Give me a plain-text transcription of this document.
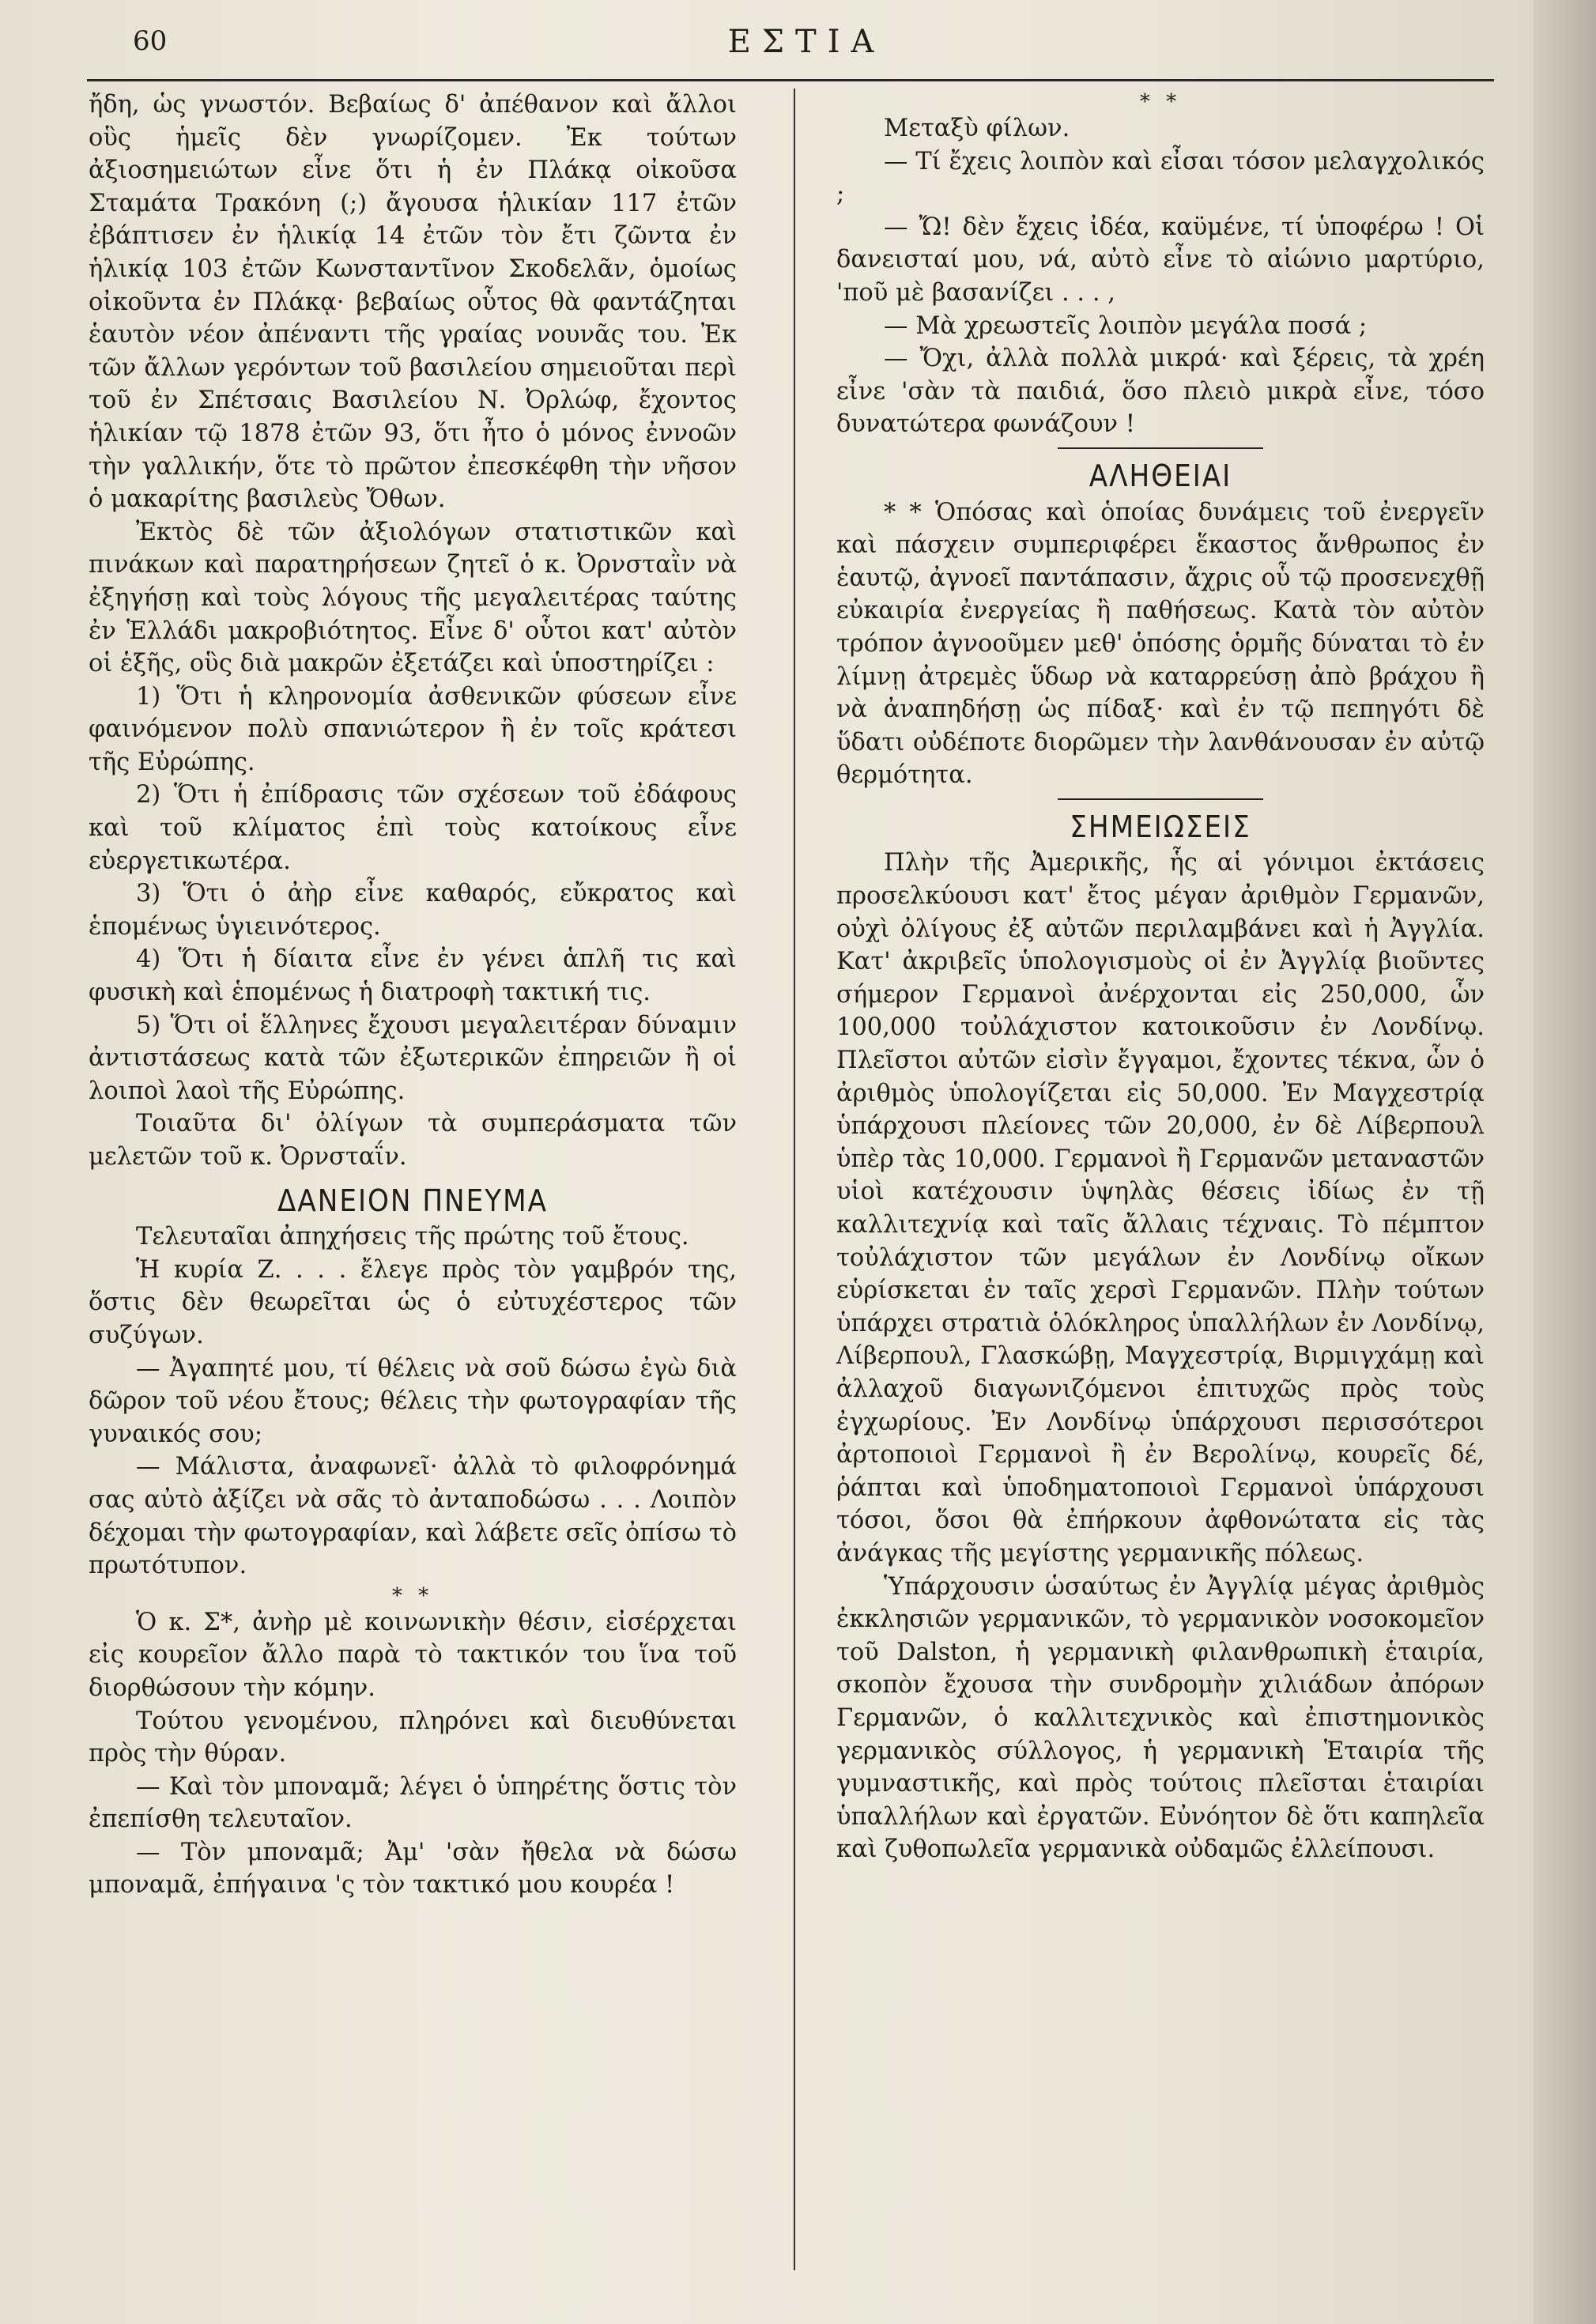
60	ΕΣΤΙΑ

ἤδη, ὡς γνωστόν. Βεβαίως δ' ἀπέθανον καὶ ἄλλοι οὓς ἡμεῖς δὲν γνωρίζομεν. Ἐκ τούτων ἀξιοσημειώτων εἶνε ὅτι ἡ ἐν Πλάκᾳ οἰκοῦσα Σταμάτα Τρακόνη (;) ἄγουσα ἡλικίαν 117 ἐτῶν ἐβάπτισεν ἐν ἡλικίᾳ 14 ἐτῶν τὸν ἔτι ζῶντα ἐν ἡλικίᾳ 103 ἐτῶν Κωνσταντῖνον Σκοδελᾶν, ὁμοίως οἰκοῦντα ἐν Πλάκᾳ· βεβαίως οὗτος θὰ φαντάζηται ἑαυτὸν νέον ἀπέναντι τῆς γραίας νουνᾶς του. Ἐκ τῶν ἄλλων γερόντων τοῦ βασιλείου σημειοῦται περὶ τοῦ ἐν Σπέτσαις Βασιλείου Ν. Ὀρλώφ, ἔχοντος ἡλικίαν τῷ 1878 ἐτῶν 93, ὅτι ἦτο ὁ μόνος ἐννοῶν τὴν γαλλικήν, ὅτε τὸ πρῶτον ἐπεσκέφθη τὴν νῆσον ὁ μακαρίτης βασιλεὺς Ὄθων.

Ἐκτὸς δὲ τῶν ἀξιολόγων στατιστικῶν καὶ πινάκων καὶ παρατηρήσεων ζητεῖ ὁ κ. Ὀρνσταῒν νὰ ἐξηγήσῃ καὶ τοὺς λόγους τῆς μεγαλειτέρας ταύτης ἐν Ἑλλάδι μακροβιότητος. Εἶνε δ' οὗτοι κατ' αὐτὸν οἱ ἑξῆς, οὓς διὰ μακρῶν ἐξετάζει καὶ ὑποστηρίζει :

1) Ὅτι ἡ κληρονομία ἀσθενικῶν φύσεων εἶνε φαινόμενον πολὺ σπανιώτερον ἢ ἐν τοῖς κράτεσι τῆς Εὐρώπης.

2) Ὅτι ἡ ἐπίδρασις τῶν σχέσεων τοῦ ἐδάφους καὶ τοῦ κλίματος ἐπὶ τοὺς κατοίκους εἶνε εὐεργετικωτέρα.

3) Ὅτι ὁ ἀὴρ εἶνε καθαρός, εὔκρατος καὶ ἑπομένως ὑγιεινότερος.

4) Ὅτι ἡ δίαιτα εἶνε ἐν γένει ἁπλῆ τις καὶ φυσικὴ καὶ ἑπομένως ἡ διατροφὴ τακτική τις.

5) Ὅτι οἱ ἕλληνες ἔχουσι μεγαλειτέραν δύναμιν ἀντιστάσεως κατὰ τῶν ἐξωτερικῶν ἐπηρειῶν ἢ οἱ λοιποὶ λαοὶ τῆς Εὐρώπης.

Τοιαῦτα δι' ὀλίγων τὰ συμπεράσματα τῶν μελετῶν τοῦ κ. Ὀρνσταΐν.

ΔΑΝΕΙΟΝ ΠΝΕΥΜΑ

Τελευταῖαι ἀπηχήσεις τῆς πρώτης τοῦ ἔτους.

Ἡ κυρία Ζ. . . . ἔλεγε πρὸς τὸν γαμβρόν της, ὅστις δὲν θεωρεῖται ὡς ὁ εὐτυχέστερος τῶν συζύγων.

— Ἀγαπητέ μου, τί θέλεις νὰ σοῦ δώσω ἐγὼ διὰ δῶρον τοῦ νέου ἔτους; θέλεις τὴν φωτογραφίαν τῆς γυναικός σου;

— Μάλιστα, ἀναφωνεῖ· ἀλλὰ τὸ φιλοφρόνημά σας αὐτὸ ἀξίζει νὰ σᾶς τὸ ἀνταποδώσω . . . Λοιπὸν δέχομαι τὴν φωτογραφίαν, καὶ λάβετε σεῖς ὀπίσω τὸ πρωτότυπον.

* *

Ὁ κ. Σ*, ἀνὴρ μὲ κοινωνικὴν θέσιν, εἰσέρχεται εἰς κουρεῖον ἄλλο παρὰ τὸ τακτικόν του ἵνα τοῦ διορθώσουν τὴν κόμην.

Τούτου γενομένου, πληρόνει καὶ διευθύνεται πρὸς τὴν θύραν.

— Καὶ τὸν μποναμᾶ; λέγει ὁ ὑπηρέτης ὅστις τὸν ἐπεπίσθη τελευταῖον.

— Τὸν μποναμᾶ; Ἀμ' 'σὰν ἤθελα νὰ δώσω μποναμᾶ, ἐπήγαινα 'ς τὸν τακτικό μου κουρέα !

* *

Μεταξὺ φίλων.

— Τί ἔχεις λοιπὸν καὶ εἶσαι τόσον μελαγχολικός ;

— Ὤ! δὲν ἔχεις ἰδέα, καϋμένε, τί ὑποφέρω ! Οἱ δανεισταί μου, νά, αὐτὸ εἶνε τὸ αἰώνιο μαρτύριο, 'ποῦ μὲ βασανίζει . . . ,

— Μὰ χρεωστεῖς λοιπὸν μεγάλα ποσά ;

— Ὄχι, ἀλλὰ πολλὰ μικρά· καὶ ξέρεις, τὰ χρέη εἶνε 'σὰν τὰ παιδιά, ὅσο πλειὸ μικρὰ εἶνε, τόσο δυνατώτερα φωνάζουν !

ΑΛΗΘΕΙΑΙ

* * Ὁπόσας καὶ ὁποίας δυνάμεις τοῦ ἐνεργεῖν καὶ πάσχειν συμπεριφέρει ἕκαστος ἄνθρωπος ἐν ἑαυτῷ, ἀγνοεῖ παντάπασιν, ἄχρις οὗ τῷ προσενεχθῇ εὐκαιρία ἐνεργείας ἢ παθήσεως. Κατὰ τὸν αὐτὸν τρόπον ἀγνοοῦμεν μεθ' ὁπόσης ὁρμῆς δύναται τὸ ἐν λίμνῃ ἀτρεμὲς ὕδωρ νὰ καταρρεύσῃ ἀπὸ βράχου ἢ νὰ ἀναπηδήσῃ ὡς πίδαξ· καὶ ἐν τῷ πεπηγότι δὲ ὕδατι οὐδέποτε διορῶμεν τὴν λανθάνουσαν ἐν αὐτῷ θερμότητα.

ΣΗΜΕΙΩΣΕΙΣ

Πλὴν τῆς Ἀμερικῆς, ἧς αἱ γόνιμοι ἐκτάσεις προσελκύουσι κατ' ἔτος μέγαν ἀριθμὸν Γερμανῶν, οὐχὶ ὀλίγους ἐξ αὐτῶν περιλαμβάνει καὶ ἡ Ἀγγλία. Κατ' ἀκριβεῖς ὑπολογισμοὺς οἱ ἐν Ἀγγλίᾳ βιοῦντες σήμερον Γερμανοὶ ἀνέρχονται εἰς 250,000, ὧν 100,000 τοὐλάχιστον κατοικοῦσιν ἐν Λονδίνῳ. Πλεῖστοι αὐτῶν εἰσὶν ἔγγαμοι, ἔχοντες τέκνα, ὧν ὁ ἀριθμὸς ὑπολογίζεται εἰς 50,000. Ἐν Μαγχεστρίᾳ ὑπάρχουσι πλείονες τῶν 20,000, ἐν δὲ Λίβερπουλ ὑπὲρ τὰς 10,000. Γερμανοὶ ἢ Γερμανῶν μεταναστῶν υἱοὶ κατέχουσιν ὑψηλὰς θέσεις ἰδίως ἐν τῇ καλλιτεχνίᾳ καὶ ταῖς ἄλλαις τέχναις. Τὸ πέμπτον τοὐλάχιστον τῶν μεγάλων ἐν Λονδίνῳ οἴκων εὑρίσκεται ἐν ταῖς χερσὶ Γερμανῶν. Πλὴν τούτων ὑπάρχει στρατιὰ ὁλόκληρος ὑπαλλήλων ἐν Λονδίνῳ, Λίβερπουλ, Γλασκώβῃ, Μαγχεστρίᾳ, Βιρμιγχάμῃ καὶ ἀλλαχοῦ διαγωνιζόμενοι ἐπιτυχῶς πρὸς τοὺς ἐγχωρίους. Ἐν Λονδίνῳ ὑπάρχουσι περισσότεροι ἀρτοποιοὶ Γερμανοὶ ἢ ἐν Βερολίνῳ, κουρεῖς δέ, ῥάπται καὶ ὑποδηματοποιοὶ Γερμανοὶ ὑπάρχουσι τόσοι, ὅσοι θὰ ἐπήρκουν ἀφθονώτατα εἰς τὰς ἀνάγκας τῆς μεγίστης γερμανικῆς πόλεως.

Ὑπάρχουσιν ὡσαύτως ἐν Ἀγγλίᾳ μέγας ἀριθμὸς ἐκκλησιῶν γερμανικῶν, τὸ γερμανικὸν νοσοκομεῖον τοῦ Dalston, ἡ γερμανικὴ φιλανθρωπικὴ ἑταιρία, σκοπὸν ἔχουσα τὴν συνδρομὴν χιλιάδων ἀπόρων Γερμανῶν, ὁ καλλιτεχνικὸς καὶ ἐπιστημονικὸς γερμανικὸς σύλλογος, ἡ γερμανικὴ Ἑταιρία τῆς γυμναστικῆς, καὶ πρὸς τούτοις πλεῖσται ἑταιρίαι ὑπαλλήλων καὶ ἐργατῶν. Εὐνόητον δὲ ὅτι καπηλεῖα καὶ ζυθοπωλεῖα γερμανικὰ οὐδαμῶς ἐλλείπουσι.
